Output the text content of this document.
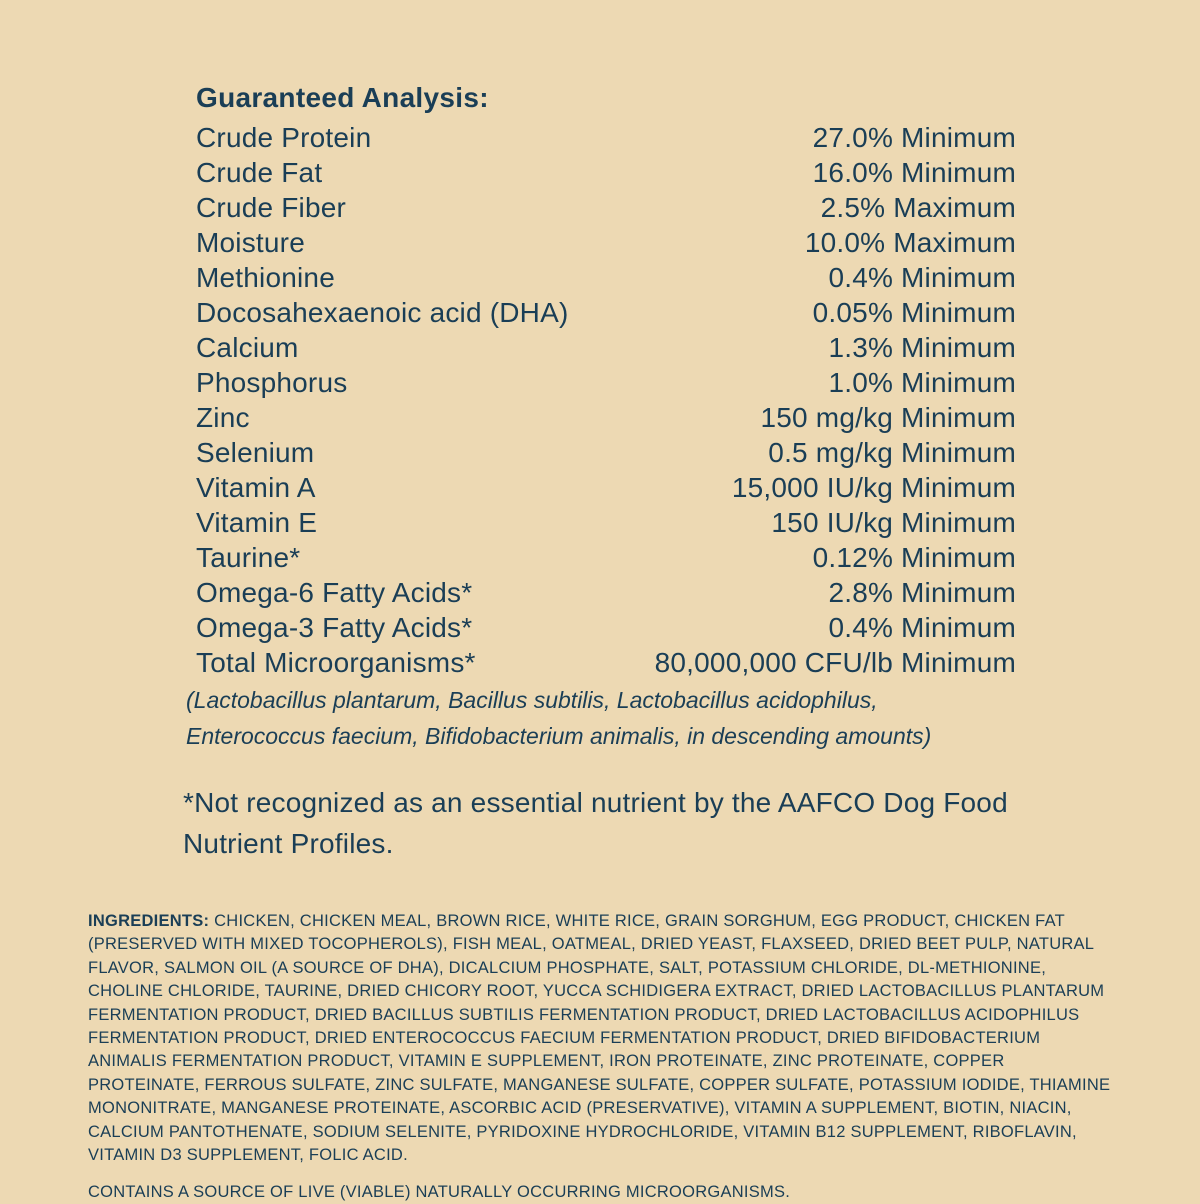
Guaranteed Analysis:
Crude Protein	27.0% Minimum
Crude Fat	16.0% Minimum
Crude Fiber	2.5% Maximum
Moisture	10.0% Maximum
Methionine	0.4% Minimum
Docosahexaenoic acid (DHA)	0.05% Minimum
Calcium	1.3% Minimum
Phosphorus	1.0% Minimum
Zinc	150 mg/kg Minimum
Selenium	0.5 mg/kg Minimum
Vitamin A	15,000 IU/kg Minimum
Vitamin E	150 IU/kg Minimum
Taurine*	0.12% Minimum
Omega-6 Fatty Acids*	2.8% Minimum
Omega-3 Fatty Acids*	0.4% Minimum
Total Microorganisms*	80,000,000 CFU/lb Minimum

(Lactobacillus plantarum, Bacillus subtilis, Lactobacillus acidophilus, Enterococcus faecium, Bifidobacterium animalis, in descending amounts)

*Not recognized as an essential nutrient by the AAFCO Dog Food Nutrient Profiles.

INGREDIENTS: CHICKEN, CHICKEN MEAL, BROWN RICE, WHITE RICE, GRAIN SORGHUM, EGG PRODUCT, CHICKEN FAT (PRESERVED WITH MIXED TOCOPHEROLS), FISH MEAL, OATMEAL, DRIED YEAST, FLAXSEED, DRIED BEET PULP, NATURAL FLAVOR, SALMON OIL (A SOURCE OF DHA), DICALCIUM PHOSPHATE, SALT, POTASSIUM CHLORIDE, DL-METHIONINE, CHOLINE CHLORIDE, TAURINE, DRIED CHICORY ROOT, YUCCA SCHIDIGERA EXTRACT, DRIED LACTOBACILLUS PLANTARUM FERMENTATION PRODUCT, DRIED BACILLUS SUBTILIS FERMENTATION PRODUCT, DRIED LACTOBACILLUS ACIDOPHILUS FERMENTATION PRODUCT, DRIED ENTEROCOCCUS FAECIUM FERMENTATION PRODUCT, DRIED BIFIDOBACTERIUM ANIMALIS FERMENTATION PRODUCT, VITAMIN E SUPPLEMENT, IRON PROTEINATE, ZINC PROTEINATE, COPPER PROTEINATE, FERROUS SULFATE, ZINC SULFATE, MANGANESE SULFATE, COPPER SULFATE, POTASSIUM IODIDE, THIAMINE MONONITRATE, MANGANESE PROTEINATE, ASCORBIC ACID (PRESERVATIVE), VITAMIN A SUPPLEMENT, BIOTIN, NIACIN, CALCIUM PANTOTHENATE, SODIUM SELENITE, PYRIDOXINE HYDROCHLORIDE, VITAMIN B12 SUPPLEMENT, RIBOFLAVIN, VITAMIN D3 SUPPLEMENT, FOLIC ACID.

CONTAINS A SOURCE OF LIVE (VIABLE) NATURALLY OCCURRING MICROORGANISMS.
